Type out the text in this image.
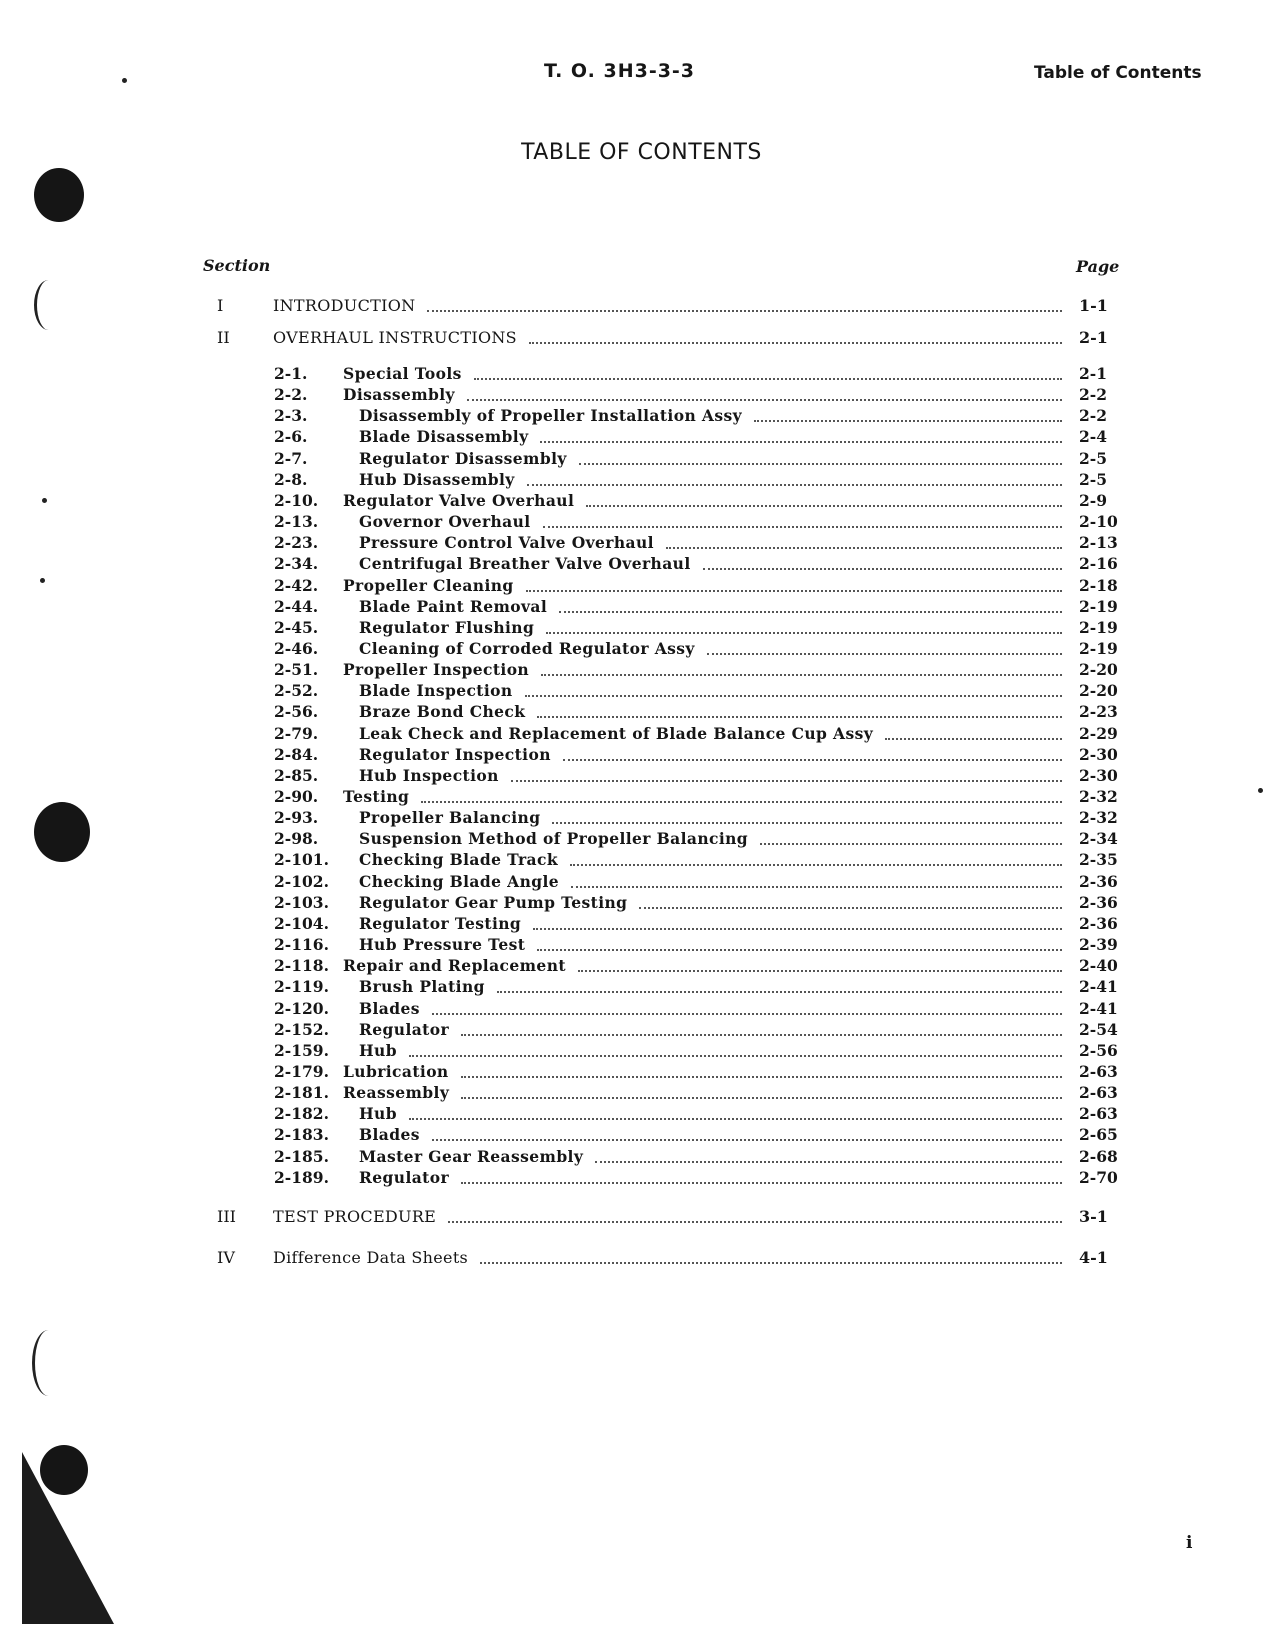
T. O. 3H3-3-3	Table of Contents
TABLE OF CONTENTS
Section	Page
I	INTRODUCTION	1-1
II	OVERHAUL INSTRUCTIONS	2-1
2-1. Special Tools	2-1
2-2. Disassembly	2-2
2-3.	Disassembly of Propeller Installation Assy	2-2
2-6.	Blade Disassembly	2-4
2-7.	Regulator Disassembly	2-5
2-8.	Hub Disassembly	2-5
2-10. Regulator Valve Overhaul	2-9
2-13.	Governor Overhaul	2-10
2-23.	Pressure Control Valve Overhaul	2-13
2-34.	Centrifugal Breather Valve Overhaul	2-16
2-42. Propeller Cleaning	2-18
2-44.	Blade Paint Removal	2-19
2-45.	Regulator Flushing	2-19
2-46.	Cleaning of Corroded Regulator Assy	2-19
2-51. Propeller Inspection	2-20
2-52.	Blade Inspection	2-20
2-56.	Braze Bond Check	2-23
2-79.	Leak Check and Replacement of Blade Balance Cup Assy	2-29
2-84.	Regulator Inspection	2-30
2-85.	Hub Inspection	2-30
2-90. Testing	2-32
2-93.	Propeller Balancing	2-32
2-98.	Suspension Method of Propeller Balancing	2-34
2-101. Checking Blade Track	2-35
2-102. Checking Blade Angle	2-36
2-103. Regulator Gear Pump Testing	2-36
2-104. Regulator Testing	2-36
2-116. Hub Pressure Test	2-39
2-118. Repair and Replacement	2-40
2-119. Brush Plating	2-41
2-120. Blades	2-41
2-152. Regulator	2-54
2-159. Hub	2-56
2-179. Lubrication	2-63
2-181. Reassembly	2-63
2-182. Hub	2-63
2-183. Blades	2-65
2-185. Master Gear Reassembly	2-68
2-189. Regulator	2-70
III TEST PROCEDURE	3-1
IV Difference Data Sheets	4-1
i
